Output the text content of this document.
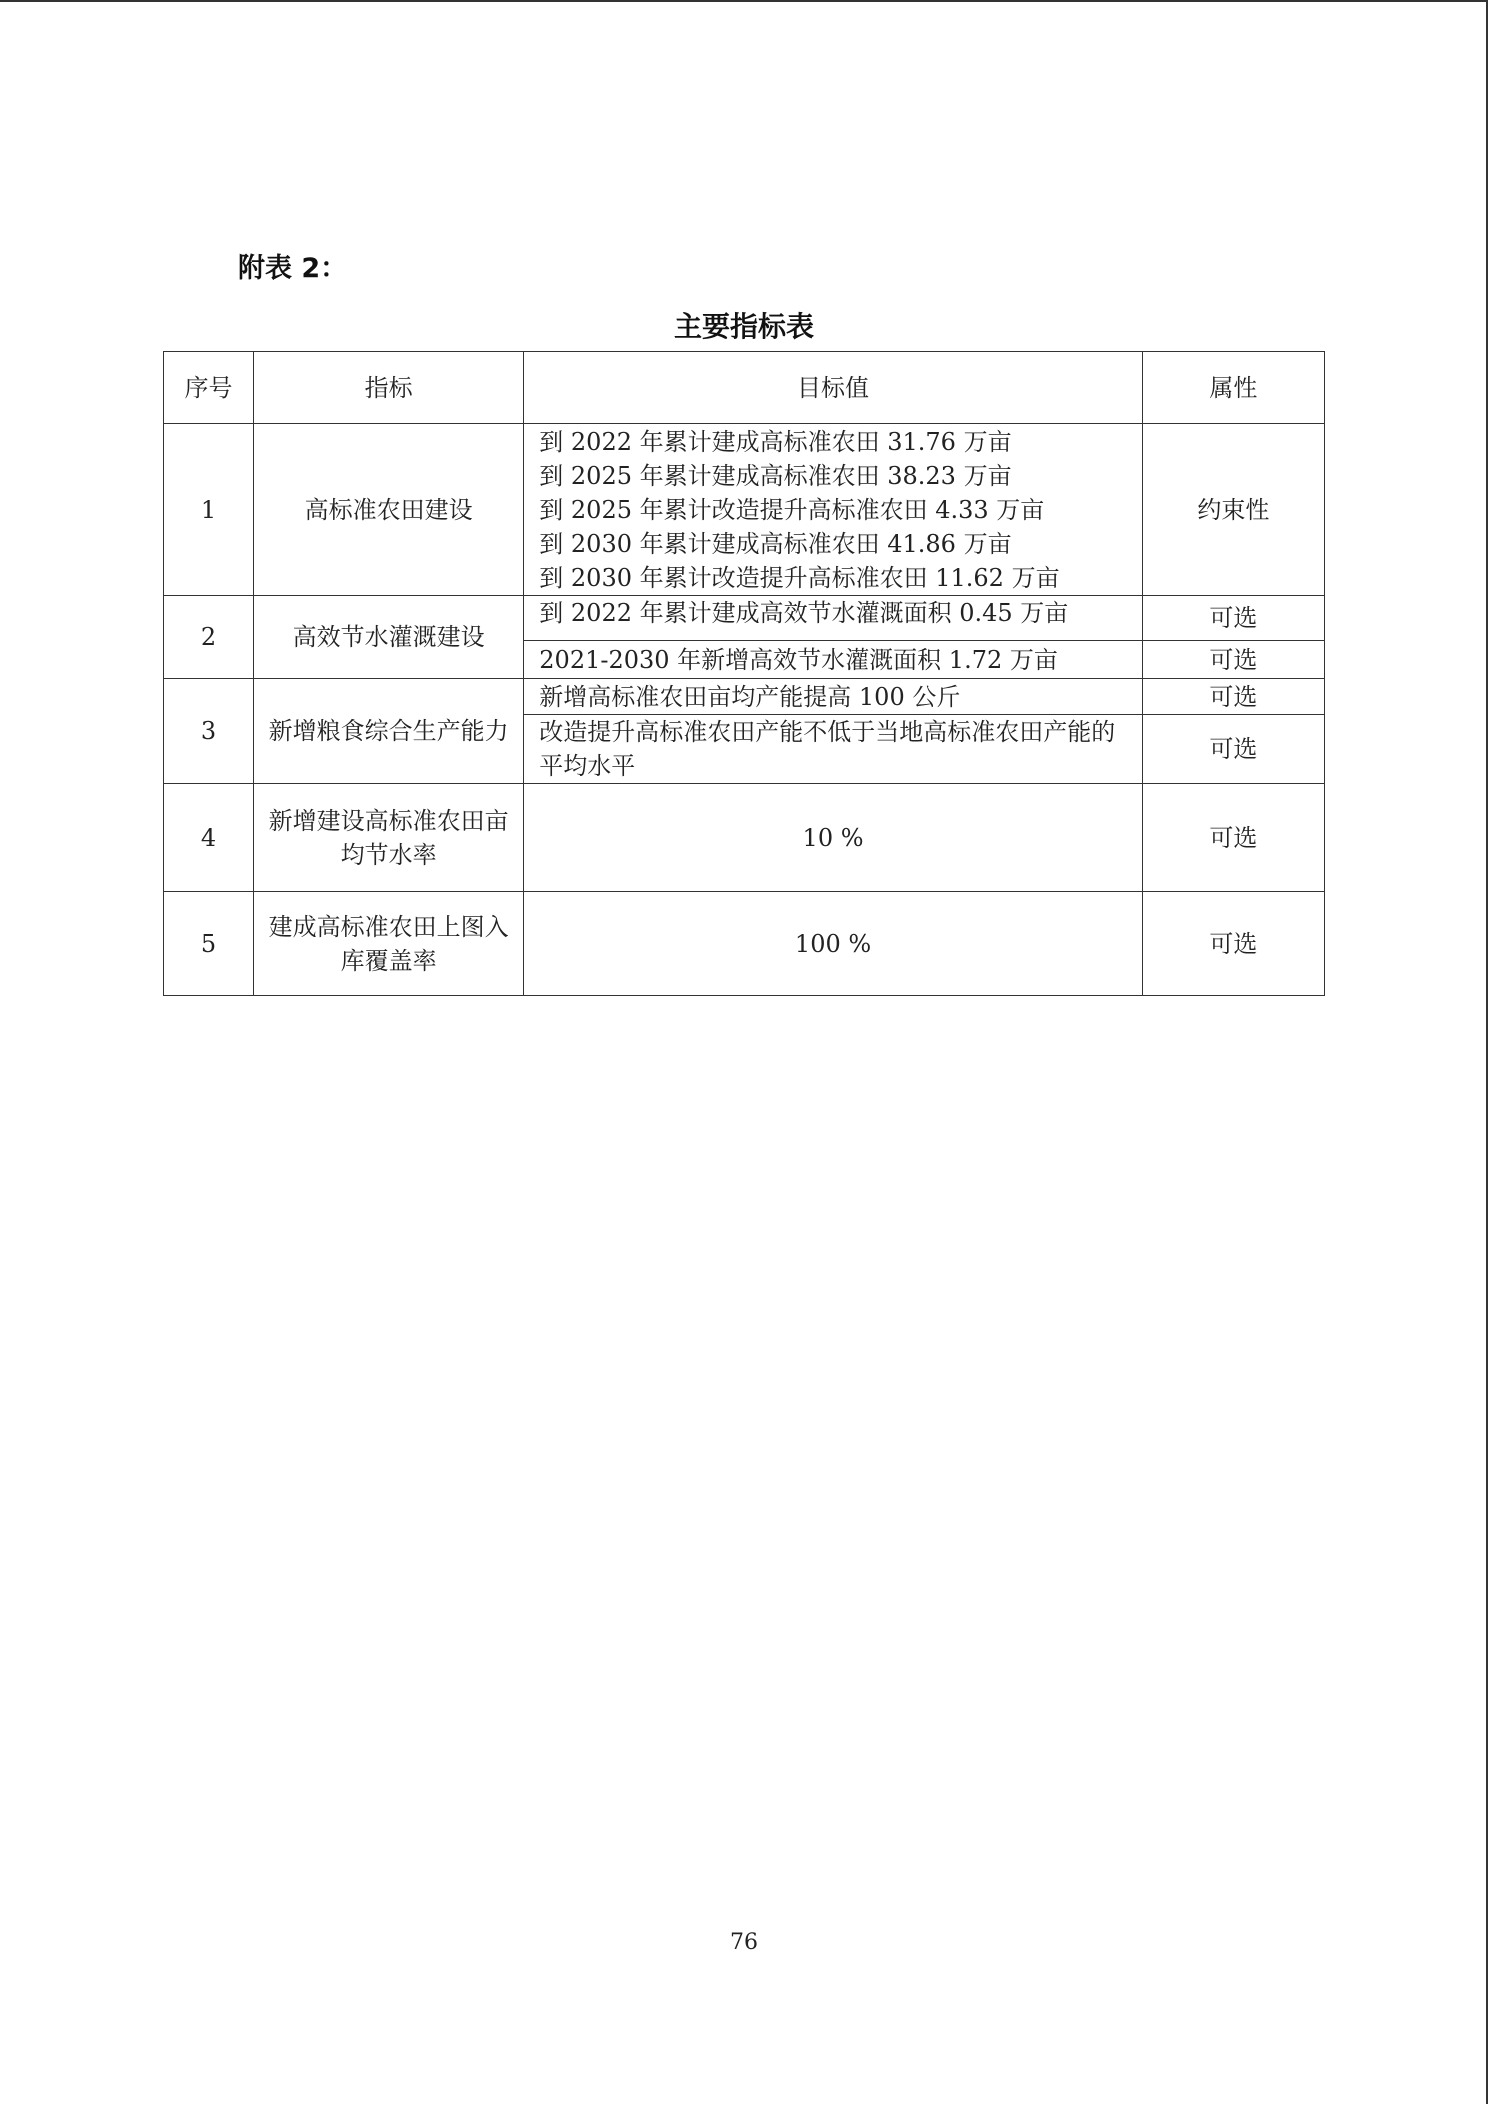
附表 2：
主要指标表
序号	指标	目标值	属性
1	高标准农田建设	到 2022 年累计建成高标准农田 31.76 万亩
到 2025 年累计建成高标准农田 38.23 万亩
到 2025 年累计改造提升高标准农田 4.33 万亩
到 2030 年累计建成高标准农田 41.86 万亩
到 2030 年累计改造提升高标准农田 11.62 万亩	约束性
2	高效节水灌溉建设	到 2022 年累计建成高效节水灌溉面积 0.45 万亩	可选
		2021-2030 年新增高效节水灌溉面积 1.72 万亩	可选
3	新增粮食综合生产能力	新增高标准农田亩均产能提高 100 公斤	可选
		改造提升高标准农田产能不低于当地高标准农田产能的平均水平	可选
4	新增建设高标准农田亩均节水率	10 %	可选
5	建成高标准农田上图入库覆盖率	100 %	可选
76
